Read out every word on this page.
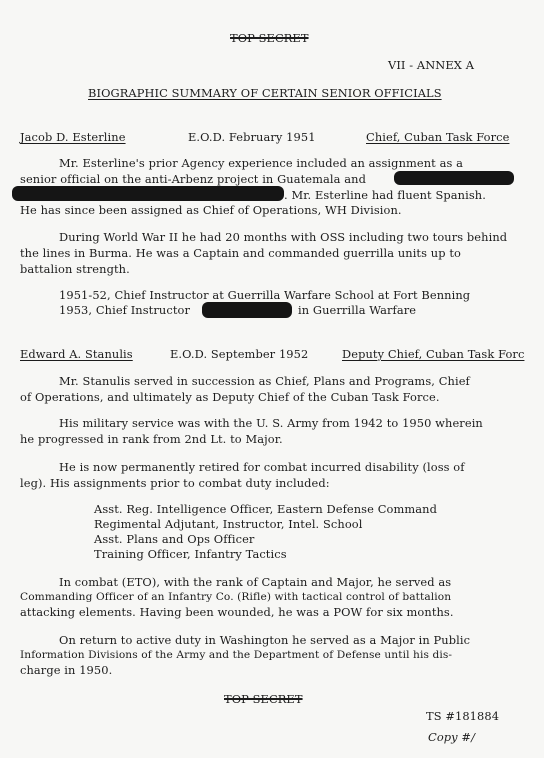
TOP SECRET
VII - ANNEX A
BIOGRAPHIC SUMMARY OF CERTAIN SENIOR OFFICIALS
Jacob D. Esterline	E.O.D. February 1951	Chief, Cuban Task Force
Mr. Esterline's prior Agency experience included an assignment as a
senior official on the anti-Arbenz project in Guatemala and
. Mr. Esterline had fluent Spanish.
He has since been assigned as Chief of Operations, WH Division.
During World War II he had 20 months with OSS including two tours behind
the lines in Burma. He was a Captain and commanded guerrilla units up to
battalion strength.
1951-52, Chief Instructor at Guerrilla Warfare School at Fort Benning
1953, Chief Instructor	in Guerrilla Warfare
Edward A. Stanulis	E.O.D. September 1952	Deputy Chief, Cuban Task Forc
Mr. Stanulis served in succession as Chief, Plans and Programs, Chief
of Operations, and ultimately as Deputy Chief of the Cuban Task Force.
His military service was with the U. S. Army from 1942 to 1950 wherein
he progressed in rank from 2nd Lt. to Major.
He is now permanently retired for combat incurred disability (loss of
leg). His assignments prior to combat duty included:
Asst. Reg. Intelligence Officer, Eastern Defense Command
Regimental Adjutant, Instructor, Intel. School
Asst. Plans and Ops Officer
Training Officer, Infantry Tactics
In combat (ETO), with the rank of Captain and Major, he served as
Commanding Officer of an Infantry Co. (Rifle) with tactical control of battalion
attacking elements. Having been wounded, he was a POW for six months.
On return to active duty in Washington he served as a Major in Public
Information Divisions of the Army and the Department of Defense until his dis-
charge in 1950.
TOP SECRET
TS #181884
Copy #/
